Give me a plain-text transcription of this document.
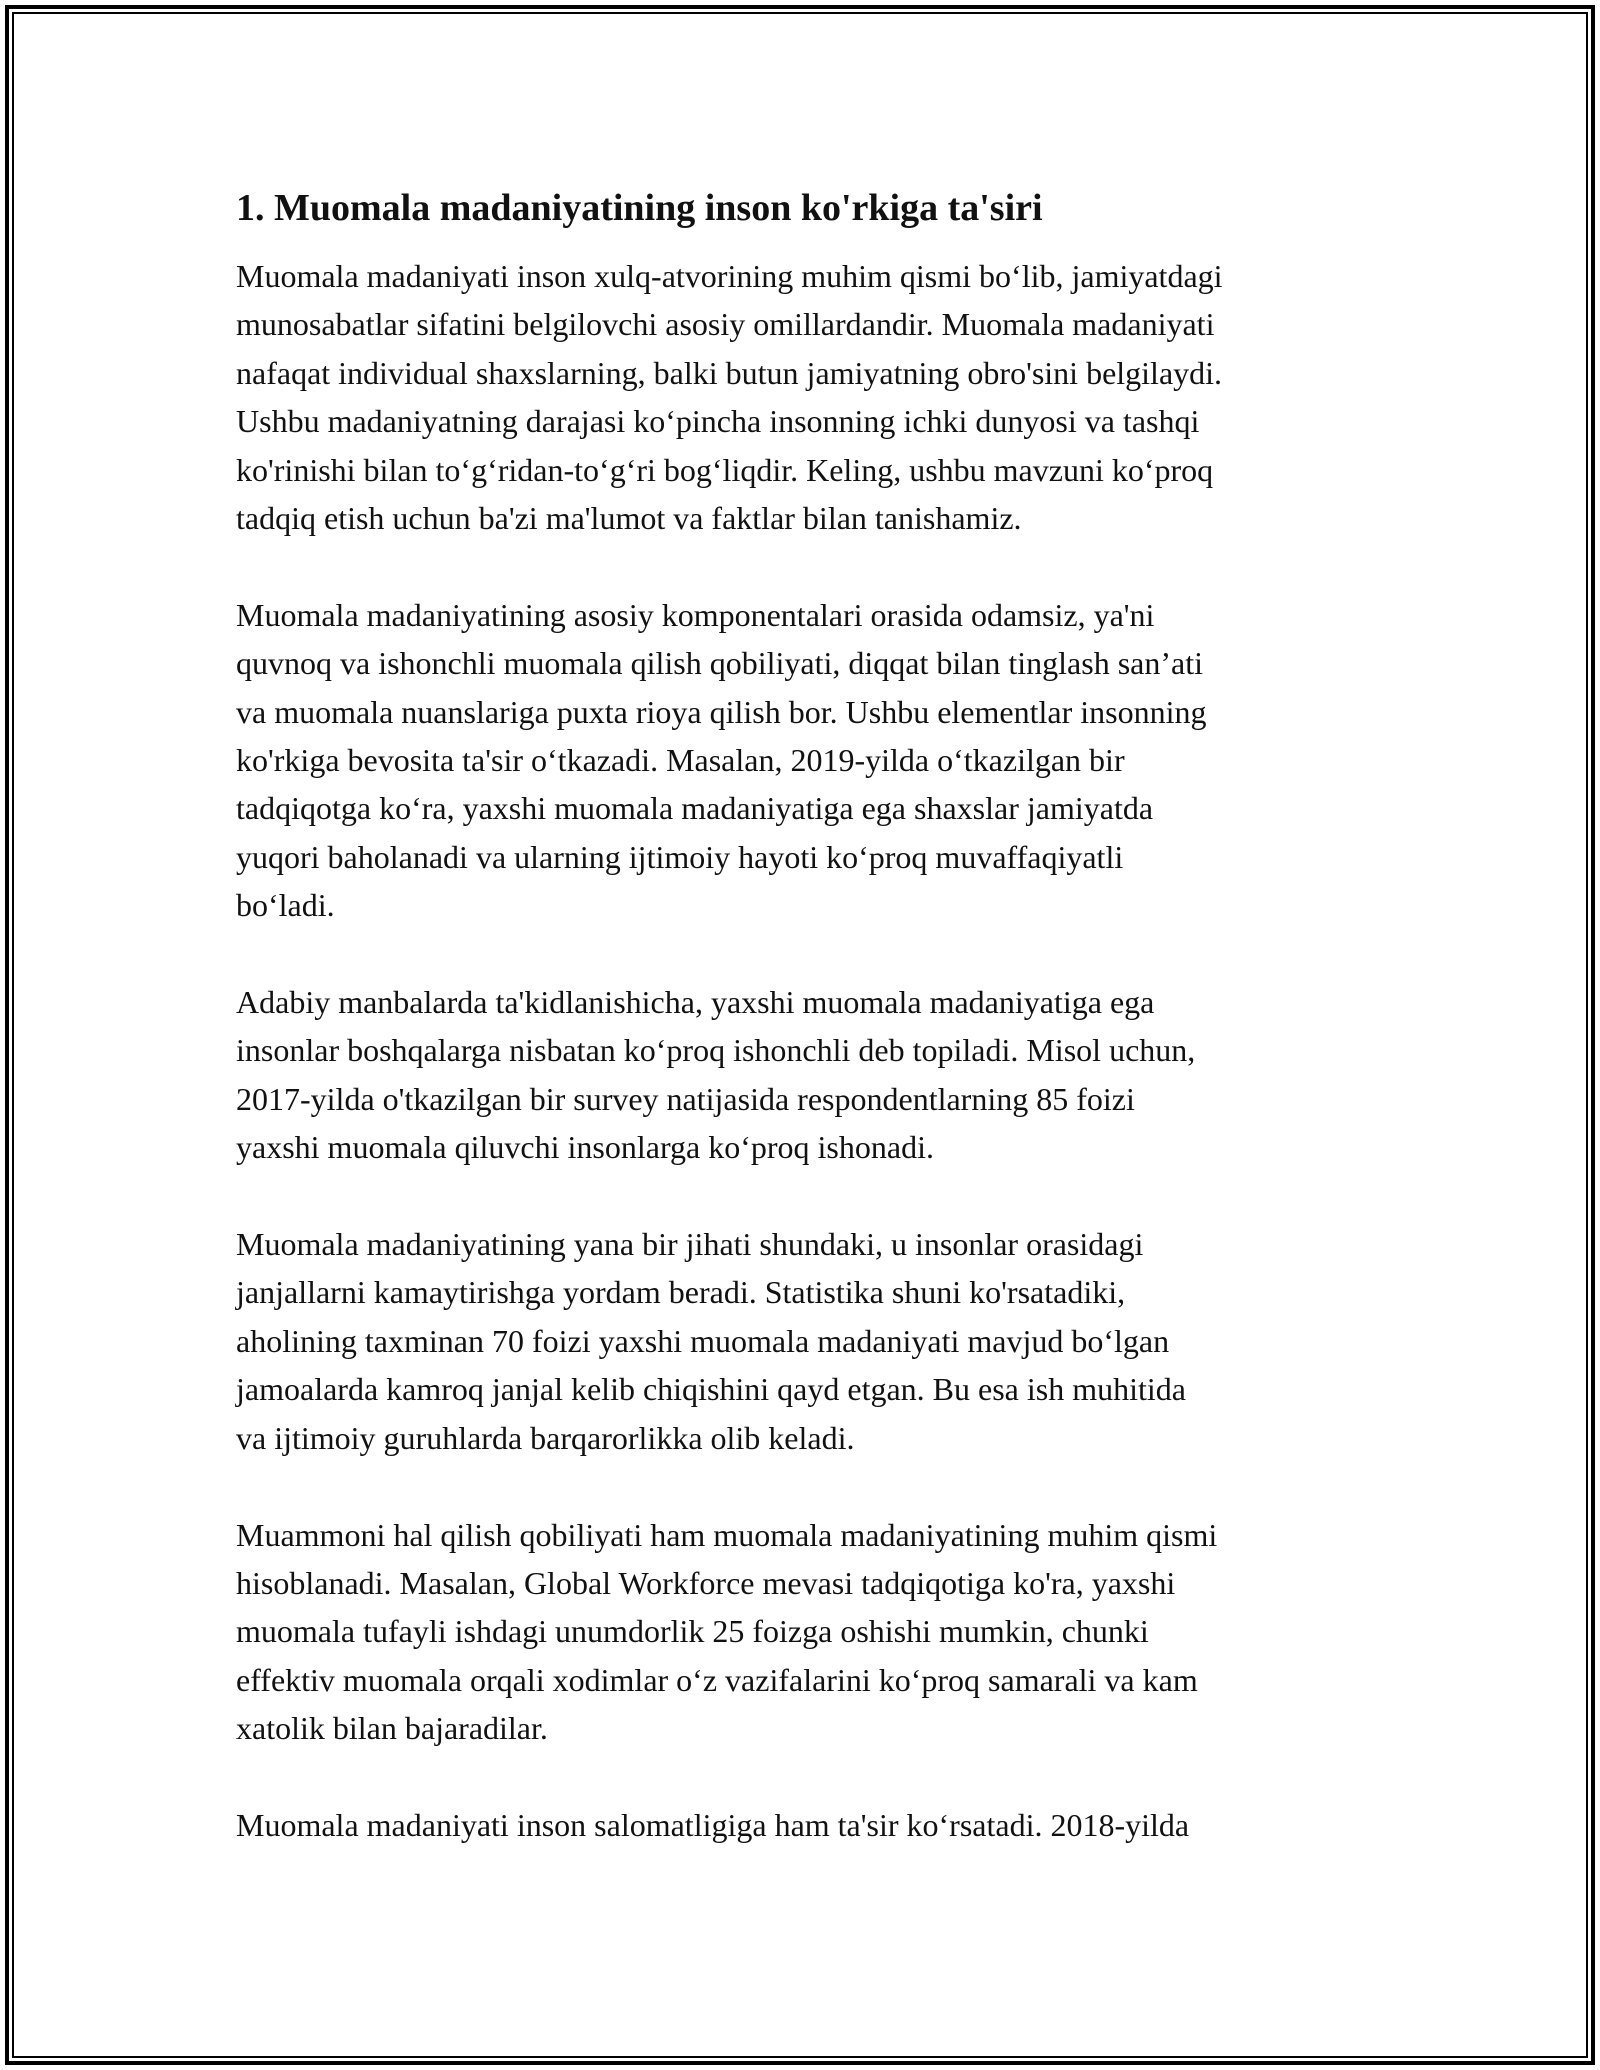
1. Muomala madaniyatining inson ko'rkiga ta'siri

Muomala madaniyati inson xulq-atvorining muhim qismi bo‘lib, jamiyatdagi
munosabatlar sifatini belgilovchi asosiy omillardandir. Muomala madaniyati
nafaqat individual shaxslarning, balki butun jamiyatning obro'sini belgilaydi.
Ushbu madaniyatning darajasi ko‘pincha insonning ichki dunyosi va tashqi
ko'rinishi bilan to‘g‘ridan-to‘g‘ri bog‘liqdir. Keling, ushbu mavzuni ko‘proq
tadqiq etish uchun ba'zi ma'lumot va faktlar bilan tanishamiz.

Muomala madaniyatining asosiy komponentalari orasida odamsiz, ya'ni
quvnoq va ishonchli muomala qilish qobiliyati, diqqat bilan tinglash san’ati
va muomala nuanslariga puxta rioya qilish bor. Ushbu elementlar insonning
ko'rkiga bevosita ta'sir o‘tkazadi. Masalan, 2019-yilda o‘tkazilgan bir
tadqiqotga ko‘ra, yaxshi muomala madaniyatiga ega shaxslar jamiyatda
yuqori baholanadi va ularning ijtimoiy hayoti ko‘proq muvaffaqiyatli
bo‘ladi.

Adabiy manbalarda ta'kidlanishicha, yaxshi muomala madaniyatiga ega
insonlar boshqalarga nisbatan ko‘proq ishonchli deb topiladi. Misol uchun,
2017-yilda o'tkazilgan bir survey natijasida respondentlarning 85 foizi
yaxshi muomala qiluvchi insonlarga ko‘proq ishonadi.

Muomala madaniyatining yana bir jihati shundaki, u insonlar orasidagi
janjallarni kamaytirishga yordam beradi. Statistika shuni ko'rsatadiki,
aholining taxminan 70 foizi yaxshi muomala madaniyati mavjud bo‘lgan
jamoalarda kamroq janjal kelib chiqishini qayd etgan. Bu esa ish muhitida
va ijtimoiy guruhlarda barqarorlikka olib keladi.

Muammoni hal qilish qobiliyati ham muomala madaniyatining muhim qismi
hisoblanadi. Masalan, Global Workforce mevasi tadqiqotiga ko'ra, yaxshi
muomala tufayli ishdagi unumdorlik 25 foizga oshishi mumkin, chunki
effektiv muomala orqali xodimlar o‘z vazifalarini ko‘proq samarali va kam
xatolik bilan bajaradilar.

Muomala madaniyati inson salomatligiga ham ta'sir ko‘rsatadi. 2018-yilda
